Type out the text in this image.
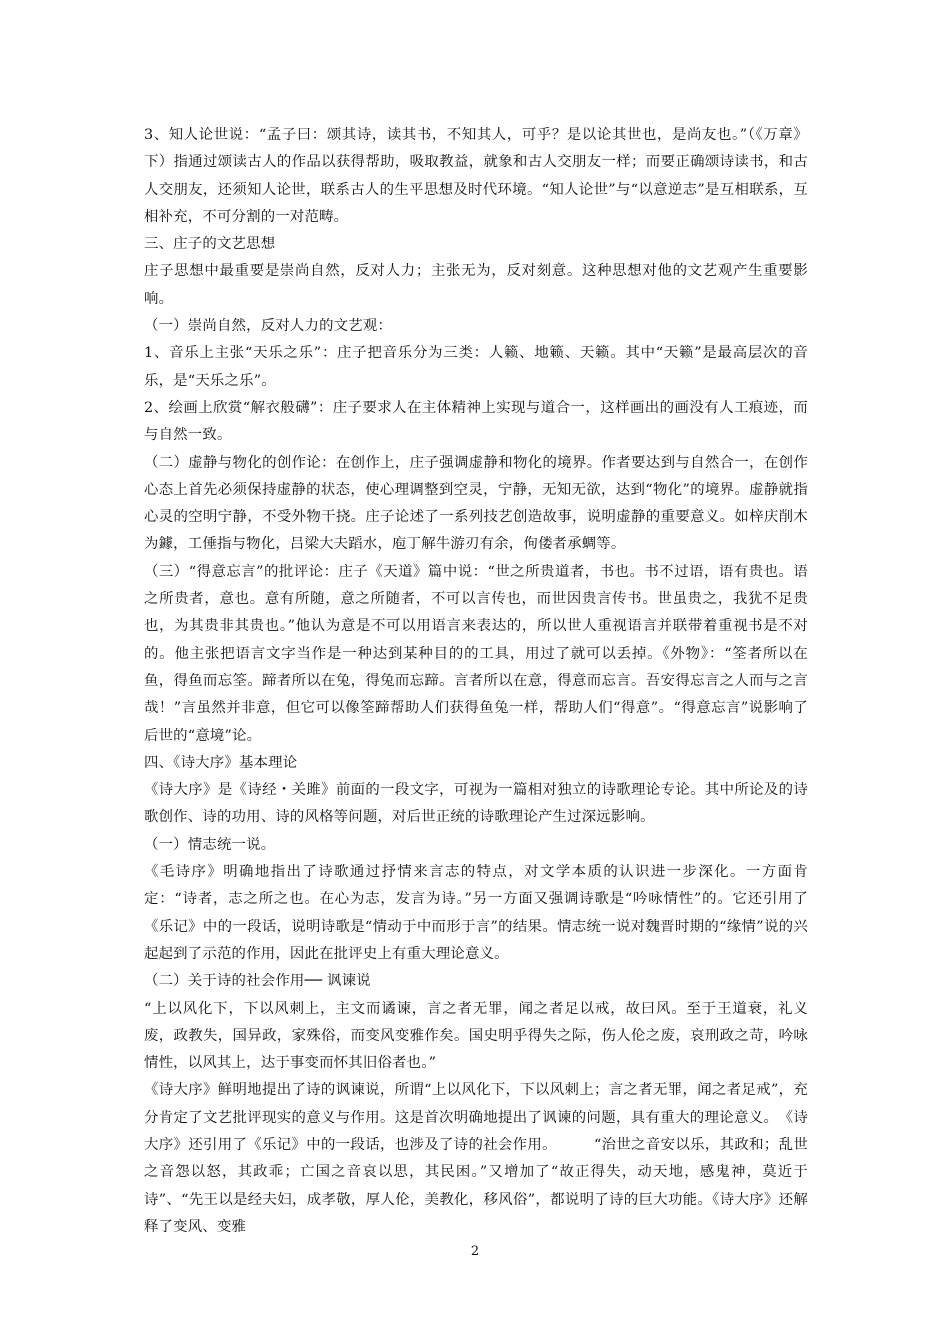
3、知人论世说：“孟子曰：颂其诗，读其书，不知其人，可乎？是以论其世也，是尚友也。”（《万章》下）指通过颂读古人的作品以获得帮助，吸取教益，就象和古人交朋友一样；而要正确颂诗读书，和古人交朋友，还须知人论世，联系古人的生平思想及时代环境。“知人论世”与“以意逆志”是互相联系，互相补充，不可分割的一对范畴。

三、庄子的文艺思想

庄子思想中最重要是崇尚自然，反对人力；主张无为，反对刻意。这种思想对他的文艺观产生重要影响。

（一）崇尚自然，反对人力的文艺观：

1、音乐上主张“天乐之乐”：庄子把音乐分为三类：人籁、地籁、天籁。其中“天籁”是最高层次的音乐，是“天乐之乐”。

2、绘画上欣赏“解衣般礴”：庄子要求人在主体精神上实现与道合一，这样画出的画没有人工痕迹，而与自然一致。

（二）虚静与物化的创作论：在创作上，庄子强调虚静和物化的境界。作者要达到与自然合一，在创作心态上首先必须保持虚静的状态，使心理调整到空灵，宁静，无知无欲，达到“物化”的境界。虚静就指心灵的空明宁静，不受外物干挠。庄子论述了一系列技艺创造故事，说明虚静的重要意义。如梓庆削木为鐻，工倕指与物化，吕梁大夫蹈水，庖丁解牛游刃有余，佝偻者承蜩等。

（三）“得意忘言”的批评论：庄子《天道》篇中说：“世之所贵道者，书也。书不过语，语有贵也。语之所贵者，意也。意有所随，意之所随者，不可以言传也，而世因贵言传书。世虽贵之，我犹不足贵也，为其贵非其贵也。”他认为意是不可以用语言来表达的，所以世人重视语言并联带着重视书是不对的。他主张把语言文字当作是一种达到某种目的的工具，用过了就可以丢掉。《外物》：“筌者所以在鱼，得鱼而忘筌。蹄者所以在兔，得兔而忘蹄。言者所以在意，得意而忘言。吾安得忘言之人而与之言哉！”言虽然并非意，但它可以像筌蹄帮助人们获得鱼兔一样，帮助人们“得意”。“得意忘言”说影响了后世的“意境”论。

四、《诗大序》基本理论

《诗大序》是《诗经・关雎》前面的一段文字，可视为一篇相对独立的诗歌理论专论。其中所论及的诗歌创作、诗的功用、诗的风格等问题，对后世正统的诗歌理论产生过深远影响。

（一）情志统一说。

《毛诗序》明确地指出了诗歌通过抒情来言志的特点，对文学本质的认识进一步深化。一方面肯定：“诗者，志之所之也。在心为志，发言为诗。”另一方面又强调诗歌是“吟咏情性”的。它还引用了《乐记》中的一段话，说明诗歌是“情动于中而形于言”的结果。情志统一说对魏晋时期的“缘情”说的兴起起到了示范的作用，因此在批评史上有重大理论意义。

（二）关于诗的社会作用── 讽谏说

“上以风化下，下以风刺上，主文而谲谏，言之者无罪，闻之者足以戒，故曰风。至于王道衰，礼义废，政教失，国异政，家殊俗，而变风变雅作矣。国史明乎得失之际，伤人伦之废，哀刑政之苛，吟咏情性，以风其上，达于事变而怀其旧俗者也。”

《诗大序》鲜明地提出了诗的讽谏说，所谓“上以风化下，下以风刺上；言之者无罪，闻之者足戒”，充分肯定了文艺批评现实的意义与作用。这是首次明确地提出了讽谏的问题，具有重大的理论意义。　《诗大序》还引用了《乐记》中的一段话，也涉及了诗的社会作用。　　　“治世之音安以乐，其政和；乱世之音怨以怒，其政乖；亡国之音哀以思，其民困。”又增加了“故正得失，动天地，感鬼神，莫近于诗”、“先王以是经夫妇，成孝敬，厚人伦，美教化，移风俗”，都说明了诗的巨大功能。《诗大序》还解释了变风、变雅

2
